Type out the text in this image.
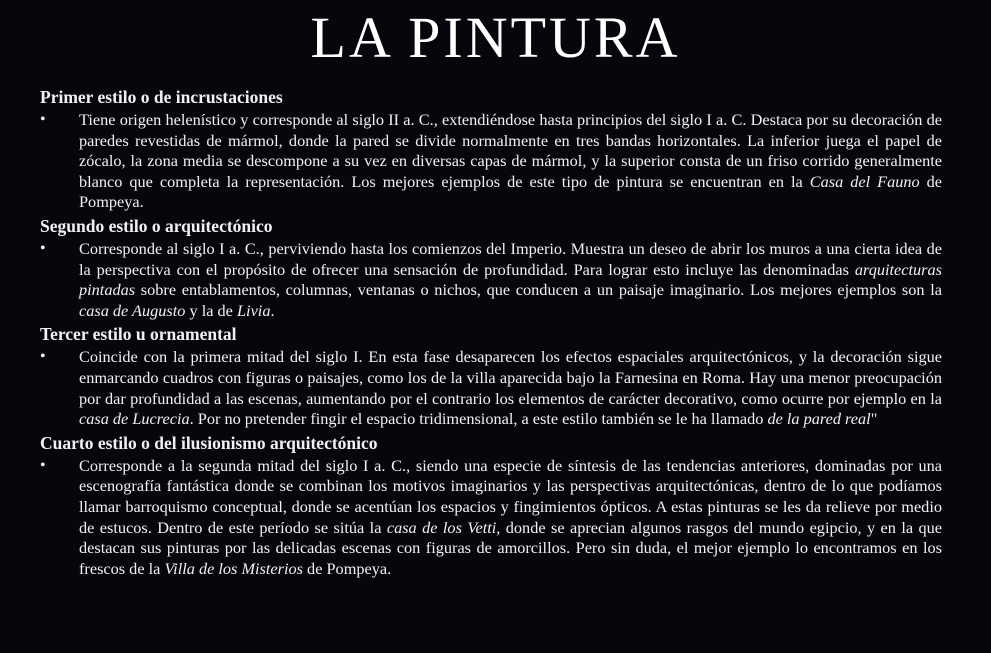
LA PINTURA
Primer estilo o de incrustaciones
• Tiene origen helenístico y corresponde al siglo II a. C., extendiéndose hasta principios del siglo I a. C. Destaca por su decoración de paredes revestidas de mármol, donde la pared se divide normalmente en tres bandas horizontales. La inferior juega el papel de zócalo, la zona media se descompone a su vez en diversas capas de mármol, y la superior consta de un friso corrido generalmente blanco que completa la representación. Los mejores ejemplos de este tipo de pintura se encuentran en la Casa del Fauno de Pompeya.

Segundo estilo o arquitectónico
• Corresponde al siglo I a. C., perviviendo hasta los comienzos del Imperio. Muestra un deseo de abrir los muros a una cierta idea de la perspectiva con el propósito de ofrecer una sensación de profundidad. Para lograr esto incluye las denominadas arquitecturas pintadas sobre entablamentos, columnas, ventanas o nichos, que conducen a un paisaje imaginario. Los mejores ejemplos son la casa de Augusto y la de Livia.

Tercer estilo u ornamental
• Coincide con la primera mitad del siglo I. En esta fase desaparecen los efectos espaciales arquitectónicos, y la decoración sigue enmarcando cuadros con figuras o paisajes, como los de la villa aparecida bajo la Farnesina en Roma. Hay una menor preocupación por dar profundidad a las escenas, aumentando por el contrario los elementos de carácter decorativo, como ocurre por ejemplo en la casa de Lucrecia. Por no pretender fingir el espacio tridimensional, a este estilo también se le ha llamado de la pared real"

Cuarto estilo o del ilusionismo arquitectónico
• Corresponde a la segunda mitad del siglo I a. C., siendo una especie de síntesis de las tendencias anteriores, dominadas por una escenografía fantástica donde se combinan los motivos imaginarios y las perspectivas arquitectónicas, dentro de lo que podíamos llamar barroquismo conceptual, donde se acentúan los espacios y fingimientos ópticos. A estas pinturas se les da relieve por medio de estucos. Dentro de este período se sitúa la casa de los Vetti, donde se aprecian algunos rasgos del mundo egipcio, y en la que destacan sus pinturas por las delicadas escenas con figuras de amorcillos. Pero sin duda, el mejor ejemplo lo encontramos en los frescos de la Villa de los Misterios de Pompeya.
